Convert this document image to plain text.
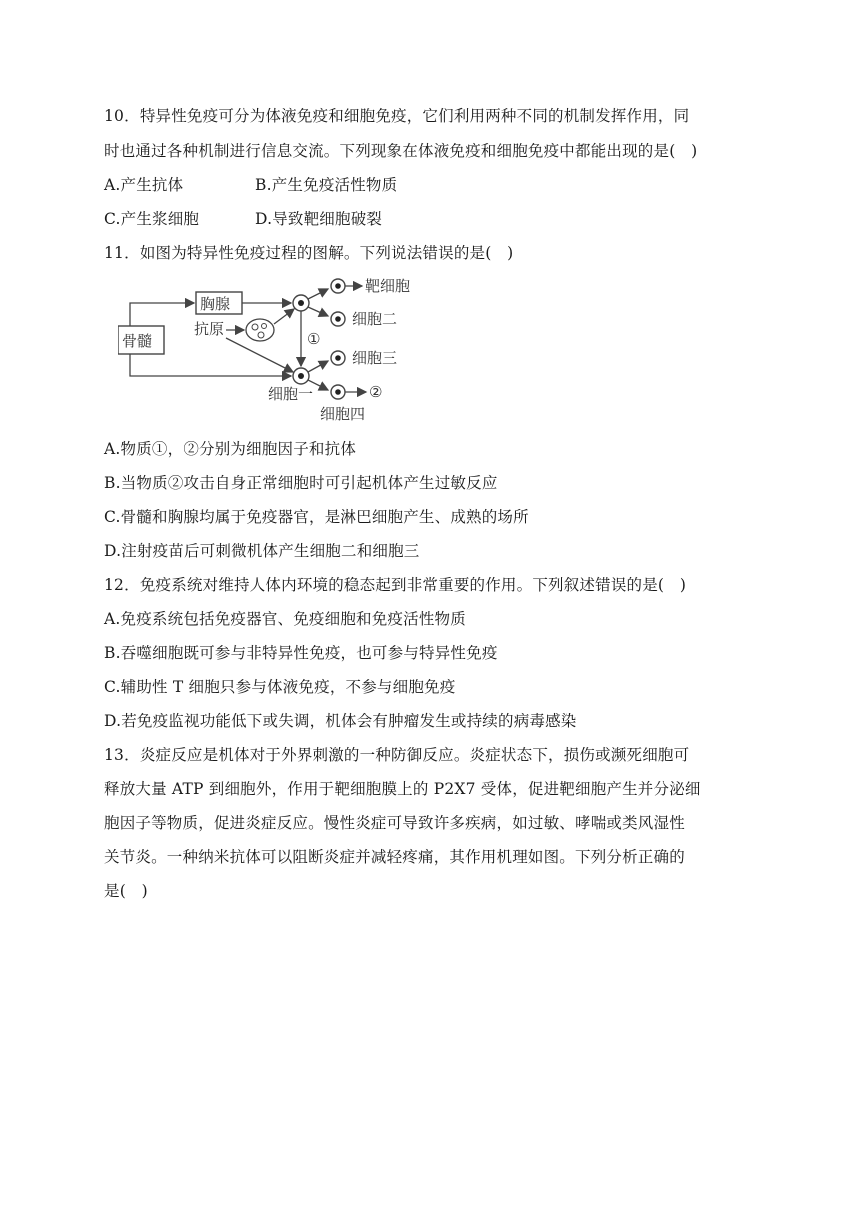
10．特异性免疫可分为体液免疫和细胞免疫，它们利用两种不同的机制发挥作用，同
时也通过各种机制进行信息交流。下列现象在体液免疫和细胞免疫中都能出现的是(　)
A.产生抗体	B.产生免疫活性物质
C.产生浆细胞	D.导致靶细胞破裂
11．如图为特异性免疫过程的图解。下列说法错误的是(　)
骨髓
胸腺
抗原
①
靶细胞
细胞二
细胞三
②
细胞一
细胞四
A.物质①，②分别为细胞因子和抗体
B.当物质②攻击自身正常细胞时可引起机体产生过敏反应
C.骨髓和胸腺均属于免疫器官，是淋巴细胞产生、成熟的场所
D.注射疫苗后可刺微机体产生细胞二和细胞三
12．免疫系统对维持人体内环境的稳态起到非常重要的作用。下列叙述错误的是(　)
A.免疫系统包括免疫器官、免疫细胞和免疫活性物质
B.吞噬细胞既可参与非特异性免疫，也可参与特异性免疫
C.辅助性 T 细胞只参与体液免疫，不参与细胞免疫
D.若免疫监视功能低下或失调，机体会有肿瘤发生或持续的病毒感染
13．炎症反应是机体对于外界刺激的一种防御反应。炎症状态下，损伤或濒死细胞可
释放大量 ATP 到细胞外，作用于靶细胞膜上的 P2X7 受体，促进靶细胞产生并分泌细
胞因子等物质，促进炎症反应。慢性炎症可导致许多疾病，如过敏、哮喘或类风湿性
关节炎。一种纳米抗体可以阻断炎症并减轻疼痛，其作用机理如图。下列分析正确的
是(　)
